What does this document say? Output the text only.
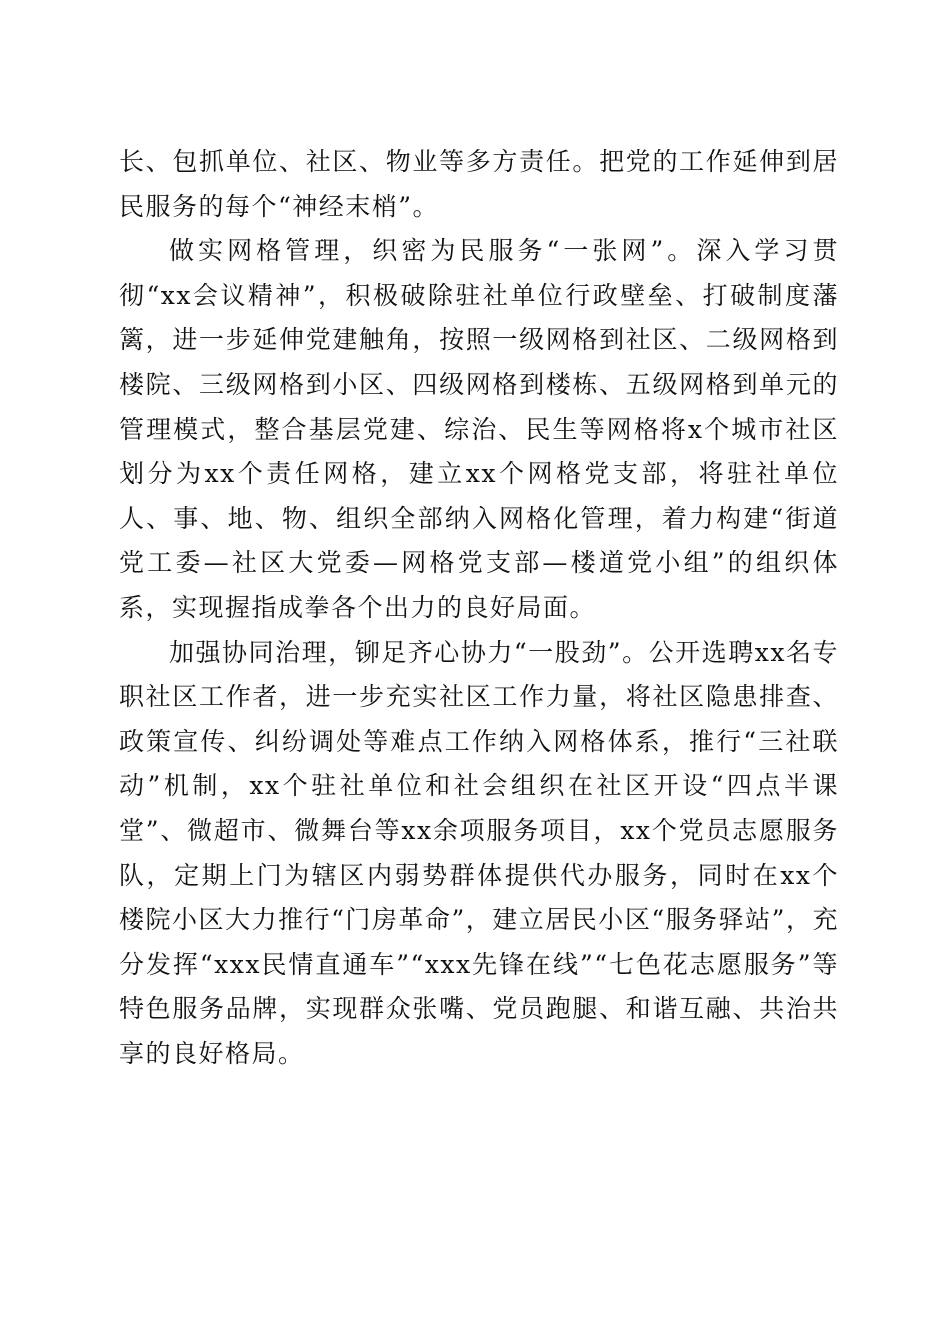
长、包抓单位、社区、物业等多方责任。把党的工作延伸到居民服务的每个“神经末梢”。

做实网格管理，织密为民服务“一张网”。深入学习贯彻“xx会议精神”，积极破除驻社单位行政壁垒、打破制度藩篱，进一步延伸党建触角，按照一级网格到社区、二级网格到楼院、三级网格到小区、四级网格到楼栋、五级网格到单元的管理模式，整合基层党建、综治、民生等网格将x个城市社区划分为xx个责任网格，建立xx个网格党支部，将驻社单位人、事、地、物、组织全部纳入网格化管理，着力构建“街道党工委—社区大党委—网格党支部—楼道党小组”的组织体系，实现握指成拳各个出力的良好局面。

加强协同治理，铆足齐心协力“一股劲”。公开选聘xx名专职社区工作者，进一步充实社区工作力量，将社区隐患排查、政策宣传、纠纷调处等难点工作纳入网格体系，推行“三社联动”机制，xx个驻社单位和社会组织在社区开设“四点半课堂”、微超市、微舞台等xx余项服务项目，xx个党员志愿服务队，定期上门为辖区内弱势群体提供代办服务，同时在xx个楼院小区大力推行“门房革命”，建立居民小区“服务驿站”，充分发挥“xxx民情直通车”“xxx先锋在线”“七色花志愿服务”等特色服务品牌，实现群众张嘴、党员跑腿、和谐互融、共治共享的良好格局。
